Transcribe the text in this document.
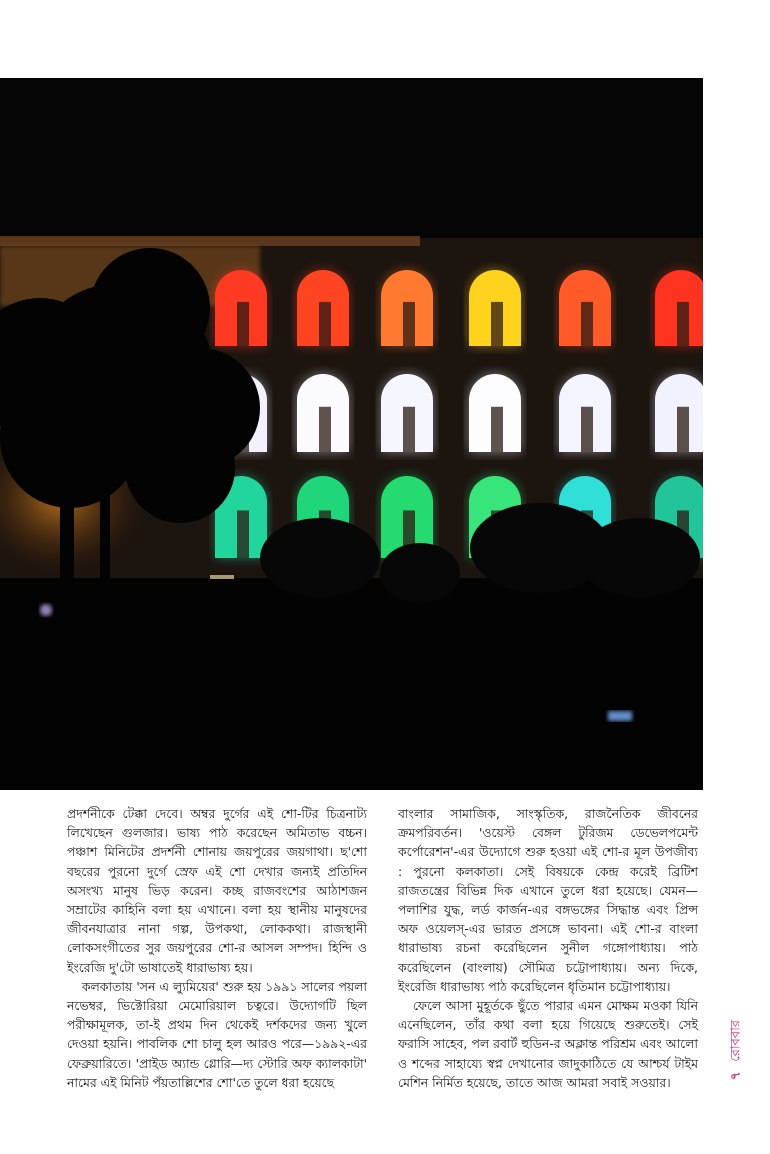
প্রদর্শনীকে টেক্কা দেবে। অম্বর দুর্গের এই শো-টির চিত্রনাট্য লিখেছেন গুলজার। ভাষ্য পাঠ করেছেন অমিতাভ বচ্চন। পঞ্চাশ মিনিটের প্রদর্শনী শোনায় জয়পুরের জয়গাথা। ছ'শো বছরের পুরনো দুর্গে স্রেফ এই শো দেখার জন্যই প্রতিদিন অসংখ্য মানুষ ভিড় করেন। কচ্ছ রাজবংশের আঠাশজন সম্রাটের কাহিনি বলা হয় এখানে। বলা হয় স্থানীয় মানুষদের জীবনযাত্রার নানা গল্প, উপকথা, লোককথা। রাজস্থানী লোকসংগীতের সুর জয়পুরের শো-র আসল সম্পদ। হিন্দি ও ইংরেজি দু'টো ভাষাতেই ধারাভাষ্য হয়।

কলকাতায় 'সন এ ল্যুমিয়ের' শুরু হয় ১৯৯১ সালের পয়লা নভেম্বর, ভিক্টোরিয়া মেমোরিয়াল চত্বরে। উদ্যোগটি ছিল পরীক্ষামূলক, তা-ই প্রথম দিন থেকেই দর্শকদের জন্য খুলে দেওয়া হয়নি। পাবলিক শো চালু হল আরও পরে—১৯৯২-এর ফেব্রুয়ারিতে। 'প্রাইড অ্যান্ড গ্লোরি—দ্য স্টোরি অফ ক্যালকাটা' নামের এই মিনিট পঁয়তাল্লিশের শো'তে তুলে ধরা হয়েছে

বাংলার সামাজিক, সাংস্কৃতিক, রাজনৈতিক জীবনের ক্রমপরিবর্তন। 'ওয়েস্ট বেঙ্গল টুরিজম ডেভেলপমেন্ট কর্পোরেশন'-এর উদ্যোগে শুরু হওয়া এই শো-র মূল উপজীব্য : পুরনো কলকাতা। সেই বিষয়কে কেন্দ্র করেই ব্রিটিশ রাজতন্ত্রের বিভিন্ন দিক এখানে তুলে ধরা হয়েছে। যেমন—পলাশির যুদ্ধ, লর্ড কার্জন-এর বঙ্গভঙ্গের সিদ্ধান্ত এবং প্রিন্স অফ ওয়েলস্-এর ভারত প্রসঙ্গে ভাবনা। এই শো-র বাংলা ধারাভাষ্য রচনা করেছিলেন সুনীল গঙ্গোপাধ্যায়। পাঠ করেছিলেন (বাংলায়) সৌমিত্র চট্টোপাধ্যায়। অন্য দিকে, ইংরেজি ধারাভাষ্য পাঠ করেছিলেন ধৃতিমান চট্টোপাধ্যায়।

ফেলে আসা মুহূর্তকে ছুঁতে পারার এমন মোক্ষম মওকা যিনি এনেছিলেন, তাঁর কথা বলা হয়ে গিয়েছে শুরুতেই। সেই ফরাসি সাহেব, পল রবার্ট হুডিন-র অক্লান্ত পরিশ্রম এবং আলো ও শব্দের সাহায্যে স্বপ্ন দেখানোর জাদুকাঠিতে যে আশ্চর্য টাইম মেশিন নির্মিত হয়েছে, তাতে আজ আমরা সবাই সওয়ার।	৭রোববার
